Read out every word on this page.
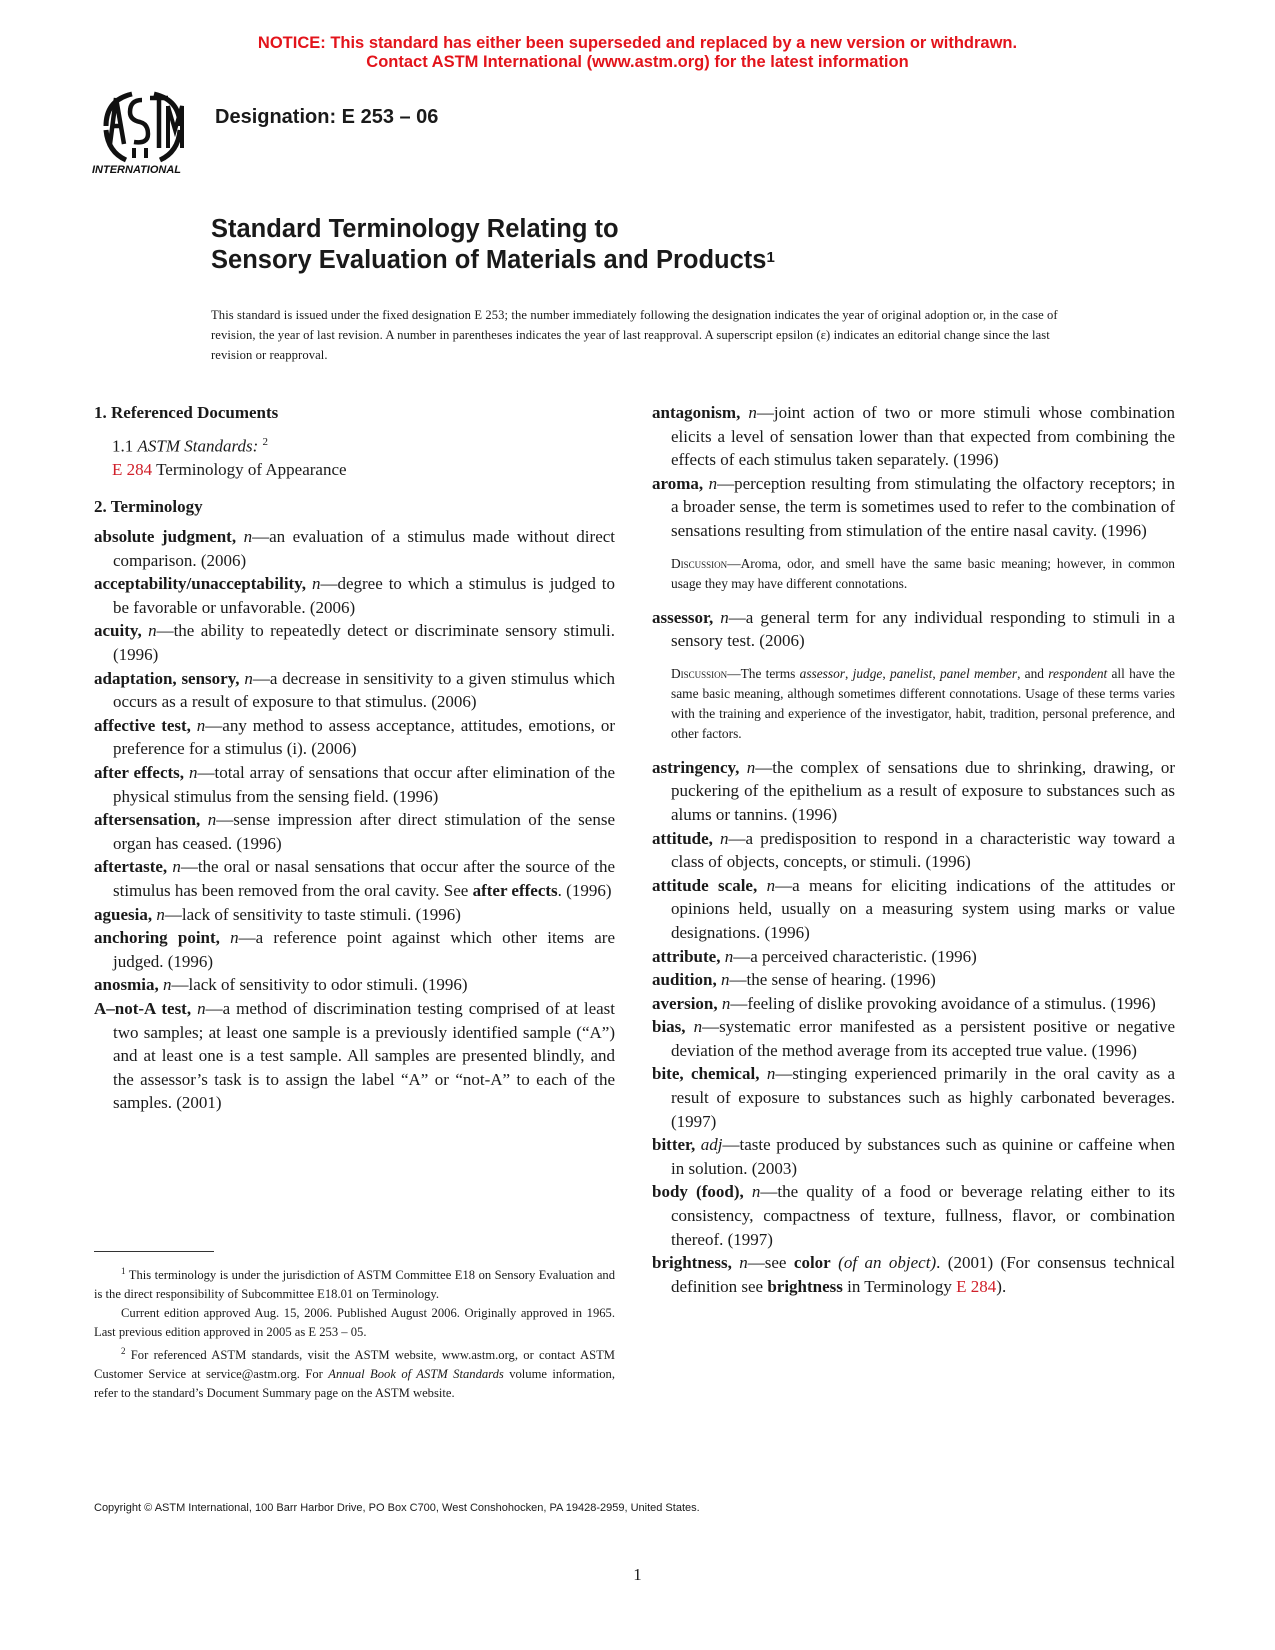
NOTICE: This standard has either been superseded and replaced by a new version or withdrawn.
Contact ASTM International (www.astm.org) for the latest information
INTERNATIONAL
Designation: E 253 – 06
Standard Terminology Relating to
Sensory Evaluation of Materials and Products$^1$
This standard is issued under the fixed designation E 253; the number immediately following the designation indicates the year of original adoption or, in the case of revision, the year of last revision. A number in parentheses indicates the year of last reapproval. A superscript epsilon (ε) indicates an editorial change since the last revision or reapproval.
1. Referenced Documents
1.1 ASTM Standards: $^2$
E 284 Terminology of Appearance
2. Terminology

absolute judgment, n—an evaluation of a stimulus made without direct comparison. (2006)

acceptability/unacceptability, n—degree to which a stimulus is judged to be favorable or unfavorable. (2006)

acuity, n—the ability to repeatedly detect or discriminate sensory stimuli. (1996)

adaptation, sensory, n—a decrease in sensitivity to a given stimulus which occurs as a result of exposure to that stimulus. (2006)

affective test, n—any method to assess acceptance, attitudes, emotions, or preference for a stimulus (i). (2006)

after effects, n—total array of sensations that occur after elimination of the physical stimulus from the sensing field. (1996)

aftersensation, n—sense impression after direct stimulation of the sense organ has ceased. (1996)

aftertaste, n—the oral or nasal sensations that occur after the source of the stimulus has been removed from the oral cavity. See after effects. (1996)

aguesia, n—lack of sensitivity to taste stimuli. (1996)

anchoring point, n—a reference point against which other items are judged. (1996)

anosmia, n—lack of sensitivity to odor stimuli. (1996)

A–not-A test, n—a method of discrimination testing comprised of at least two samples; at least one sample is a previously identified sample (“A”) and at least one is a test sample. All samples are presented blindly, and the assessor’s task is to assign the label “A” or “not-A” to each of the samples. (2001)

antagonism, n—joint action of two or more stimuli whose combination elicits a level of sensation lower than that expected from combining the effects of each stimulus taken separately. (1996)

aroma, n—perception resulting from stimulating the olfactory receptors; in a broader sense, the term is sometimes used to refer to the combination of sensations resulting from stimulation of the entire nasal cavity. (1996)

Discussion—Aroma, odor, and smell have the same basic meaning; however, in common usage they may have different connotations.

assessor, n—a general term for any individual responding to stimuli in a sensory test. (2006)

Discussion—The terms assessor, judge, panelist, panel member, and respondent all have the same basic meaning, although sometimes different connotations. Usage of these terms varies with the training and experience of the investigator, habit, tradition, personal preference, and other factors.

astringency, n—the complex of sensations due to shrinking, drawing, or puckering of the epithelium as a result of exposure to substances such as alums or tannins. (1996)

attitude, n—a predisposition to respond in a characteristic way toward a class of objects, concepts, or stimuli. (1996)

attitude scale, n—a means for eliciting indications of the attitudes or opinions held, usually on a measuring system using marks or value designations. (1996)

attribute, n—a perceived characteristic. (1996)

audition, n—the sense of hearing. (1996)

aversion, n—feeling of dislike provoking avoidance of a stimulus. (1996)

bias, n—systematic error manifested as a persistent positive or negative deviation of the method average from its accepted true value. (1996)

bite, chemical, n—stinging experienced primarily in the oral cavity as a result of exposure to substances such as highly carbonated beverages. (1997)

bitter, adj—taste produced by substances such as quinine or caffeine when in solution. (2003)

body (food), n—the quality of a food or beverage relating either to its consistency, compactness of texture, fullness, flavor, or combination thereof. (1997)

brightness, n—see color (of an object). (2001) (For consensus technical definition see brightness in Terminology E 284).

$^1$ This terminology is under the jurisdiction of ASTM Committee E18 on Sensory Evaluation and is the direct responsibility of Subcommittee E18.01 on Terminology.

Current edition approved Aug. 15, 2006. Published August 2006. Originally approved in 1965. Last previous edition approved in 2005 as E 253 – 05.

$^2$ For referenced ASTM standards, visit the ASTM website, www.astm.org, or contact ASTM Customer Service at service@astm.org. For Annual Book of ASTM Standards volume information, refer to the standard’s Document Summary page on the ASTM website.

Copyright © ASTM International, 100 Barr Harbor Drive, PO Box C700, West Conshohocken, PA 19428-2959, United States.
1
